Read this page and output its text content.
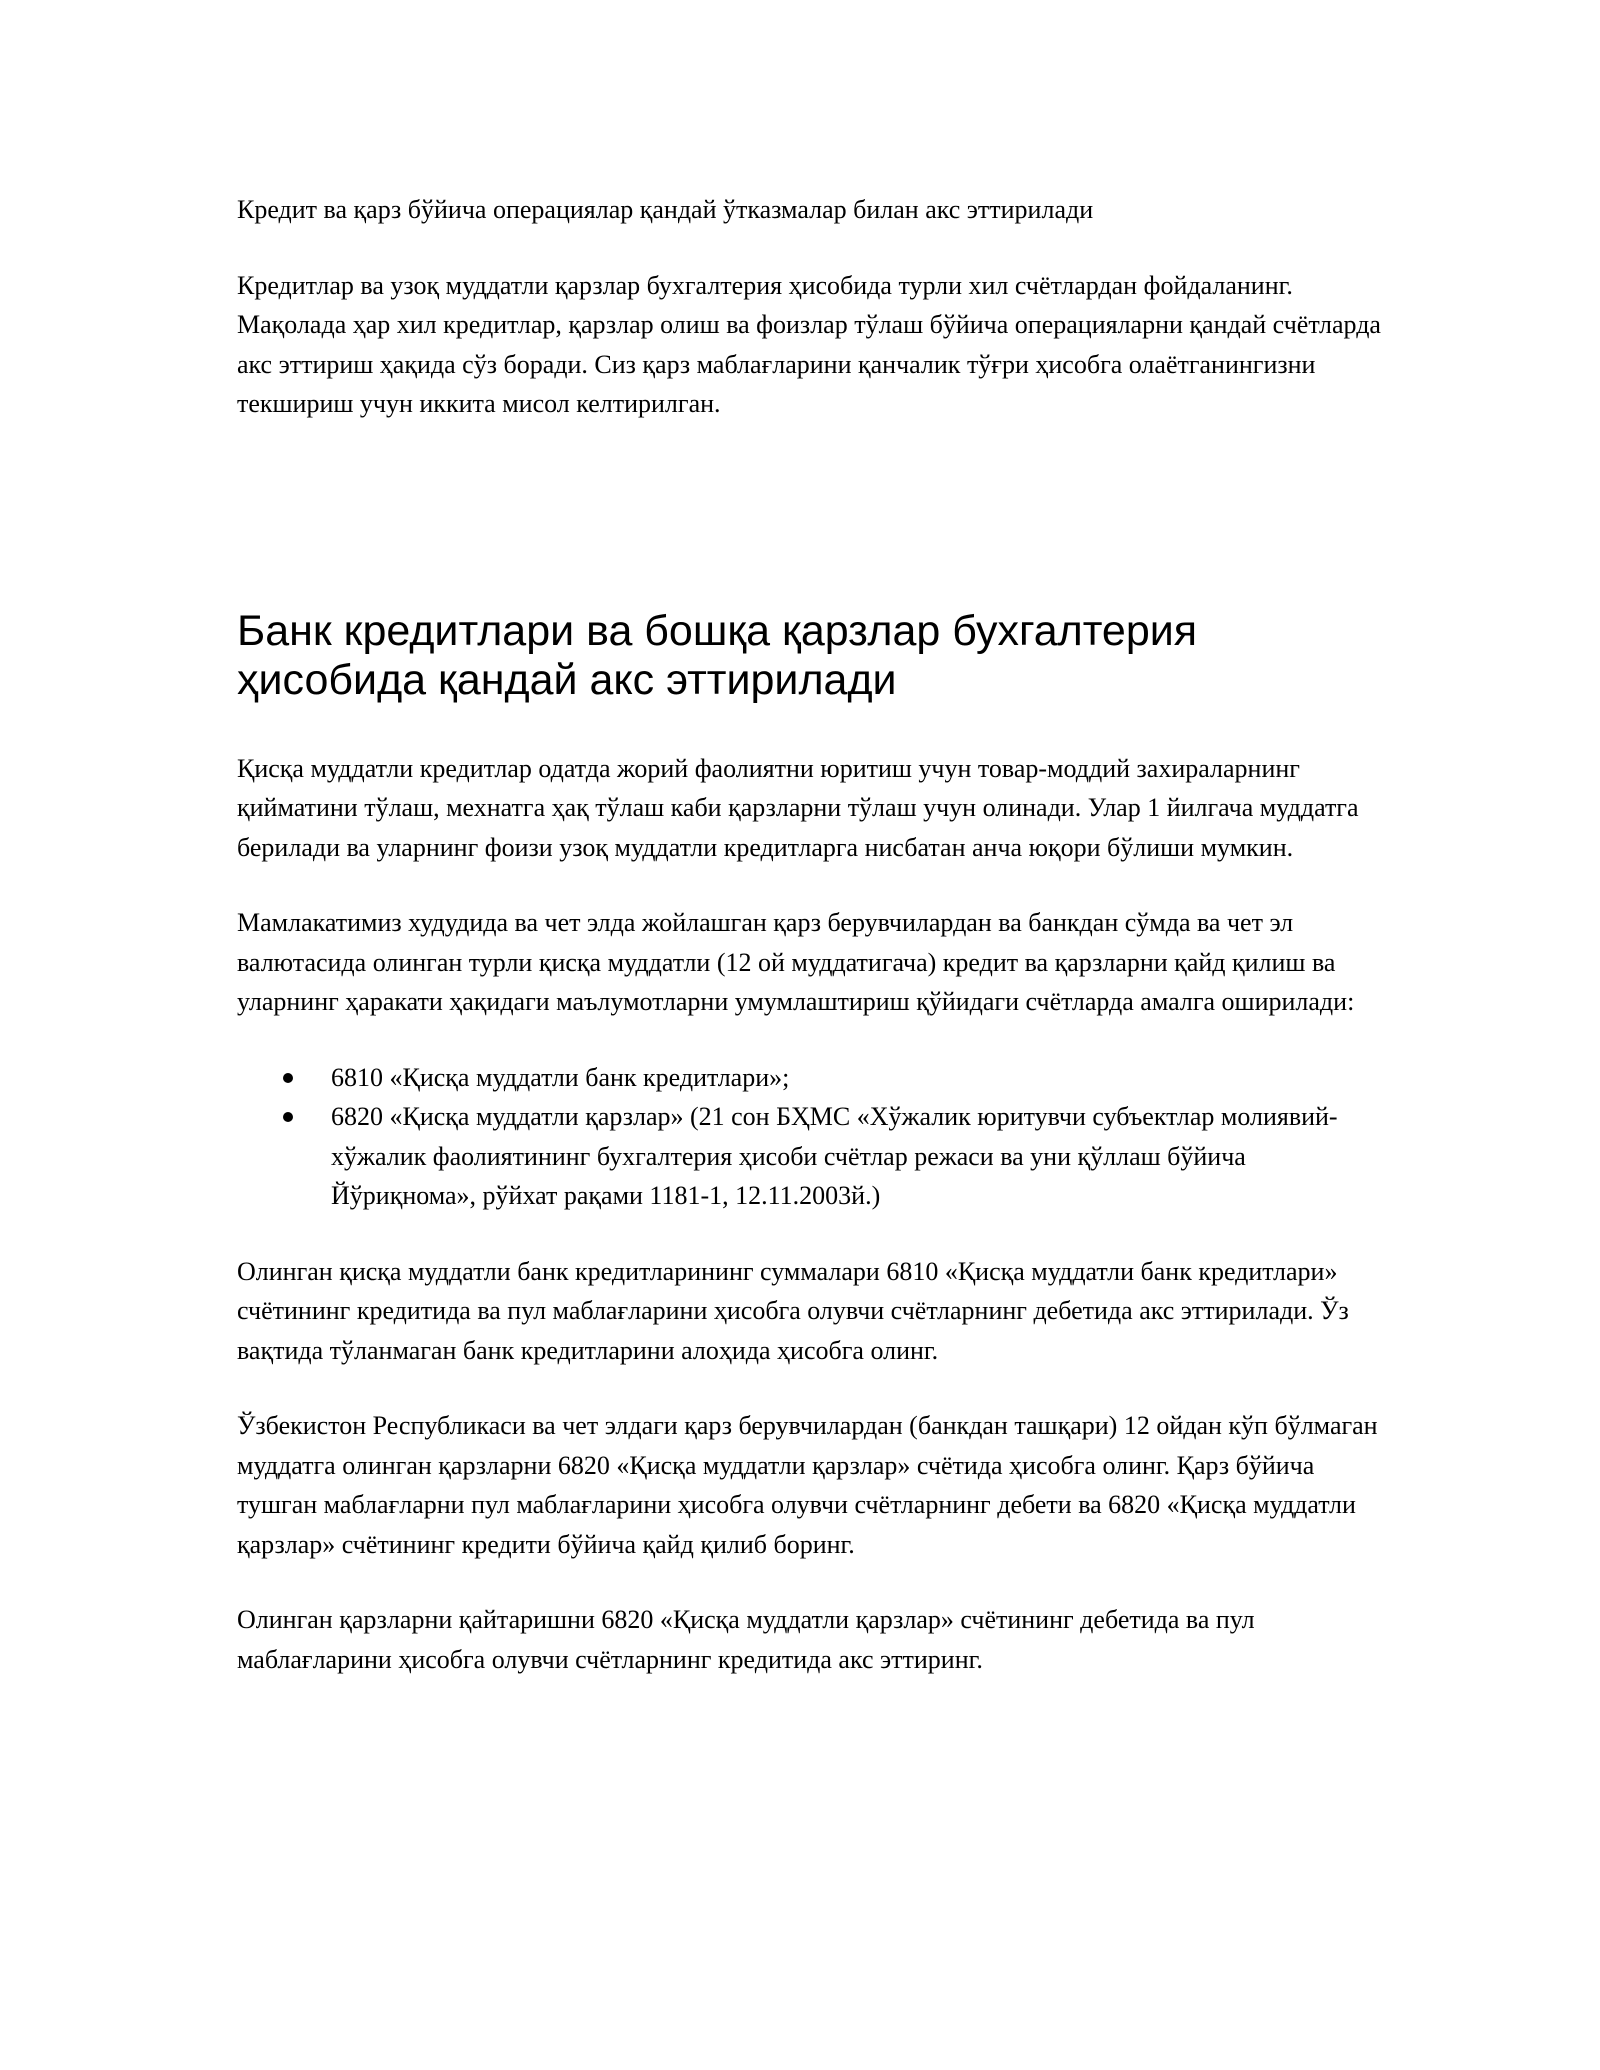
Кредит ва қарз бўйича операциялар қандай ўтказмалар билан акс эттирилади

Кредитлар ва узоқ муддатли қарзлар бухгалтерия ҳисобида турли хил счётлардан фойдаланинг. Мақолада ҳар хил кредитлар, қарзлар олиш ва фоизлар тўлаш бўйича операцияларни қандай счётларда акс эттириш ҳақида сўз боради. Сиз қарз маблағларини қанчалик тўғри ҳисобга олаётганингизни текшириш учун иккита мисол келтирилган.

Банк кредитлари ва бошқа қарзлар бухгалтерия
ҳисобида қандай акс эттирилади

Қисқа муддатли кредитлар одатда жорий фаолиятни юритиш учун товар-моддий захираларнинг қийматини тўлаш, мехнатга ҳақ тўлаш каби қарзларни тўлаш учун олинади. Улар 1 йилгача муддатга берилади ва уларнинг фоизи узоқ муддатли кредитларга нисбатан анча юқори бўлиши мумкин.

Мамлакатимиз худудида ва чет элда жойлашган қарз берувчилардан ва банкдан сўмда ва чет эл валютасида олинган турли қисқа муддатли (12 ой муддатигача) кредит ва қарзларни қайд қилиш ва уларнинг ҳаракати ҳақидаги маълумотларни умумлаштириш қўйидаги счётларда амалга оширилади:

6810 «Қисқа муддатли банк кредитлари»;
6820 «Қисқа муддатли қарзлар» (21 сон БҲМС «Хўжалик юритувчи субъектлар молиявий-хўжалик фаолиятининг бухгалтерия ҳисоби счётлар режаси ва уни қўллаш бўйича Йўриқнома», рўйхат рақами 1181-1, 12.11.2003й.)

Олинган қисқа муддатли банк кредитларининг суммалари 6810 «Қисқа муддатли банк кредитлари» счётининг кредитида ва пул маблағларини ҳисобга олувчи счётларнинг дебетида акс эттирилади. Ўз вақтида тўланмаган банк кредитларини алоҳида ҳисобга олинг.

Ўзбекистон Республикаси ва чет элдаги қарз берувчилардан (банкдан ташқари) 12 ойдан кўп бўлмаган муддатга олинган қарзларни 6820 «Қисқа муддатли қарзлар» счётида ҳисобга олинг. Қарз бўйича тушган маблағларни пул маблағларини ҳисобга олувчи счётларнинг дебети ва 6820 «Қисқа муддатли қарзлар» счётининг кредити бўйича қайд қилиб боринг.

Олинган қарзларни қайтаришни 6820 «Қисқа муддатли қарзлар» счётининг дебетида ва пул маблағларини ҳисобга олувчи счётларнинг кредитида акс эттиринг.
